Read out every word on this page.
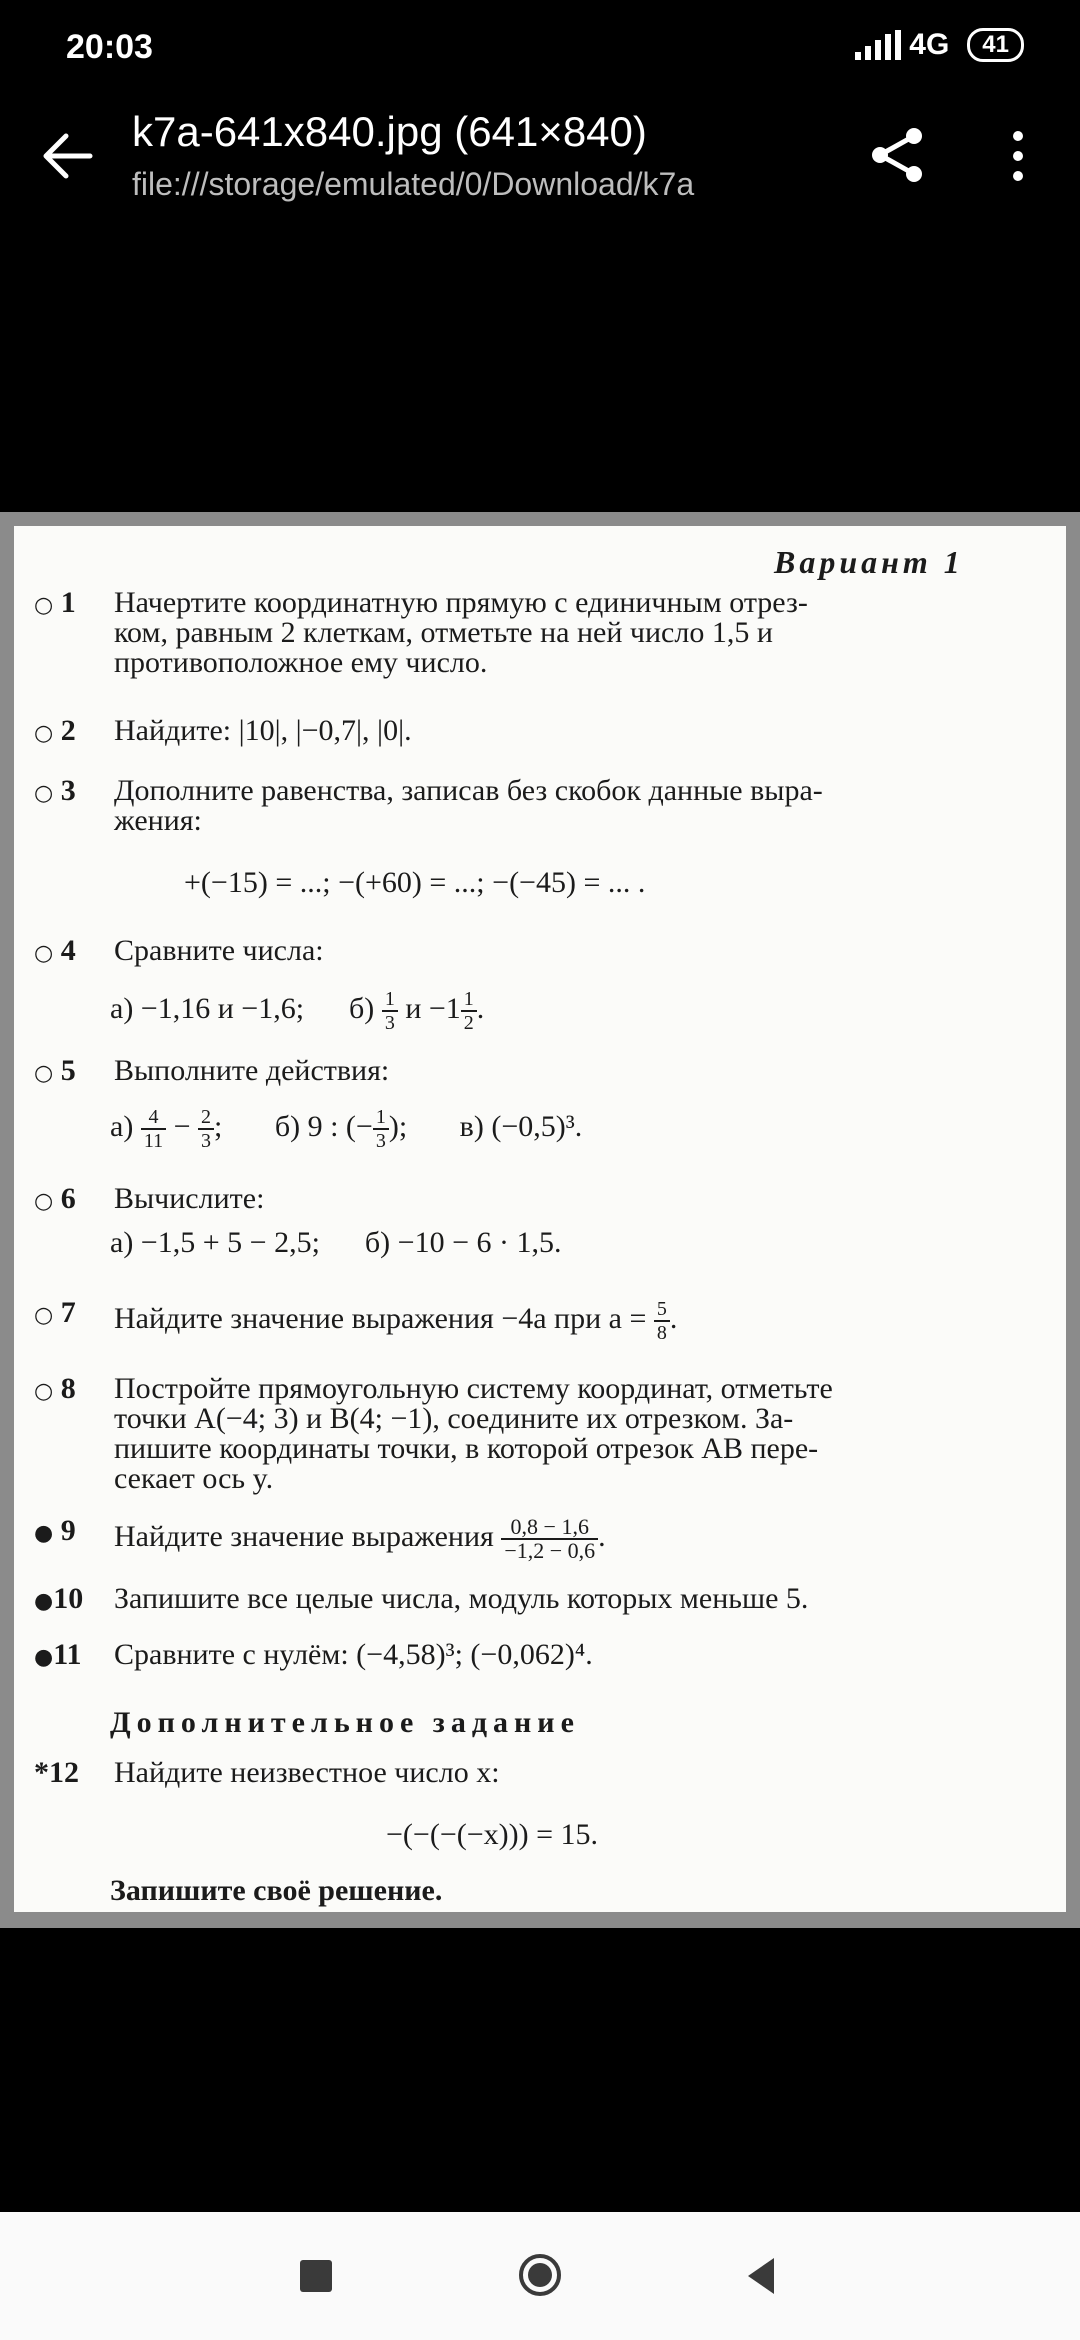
20:03	4G	41
k7a-641x840.jpg (641×840)
file:///storage/emulated/0/Download/k7a
Вариант 1
○ 1	Начертите координатную прямую с единичным отрез-
ком, равным 2 клеткам, отметьте на ней число 1,5 и
противоположное ему число.
○ 2	Найдите: |10|, |−0,7|, |0|.
○ 3	Дополните равенства, записав без скобок данные выра-
жения:
+(−15) = ...; −(+60) = ...; −(−45) = ... .
○ 4	Сравните числа:
а) −1,16 и −1,6; $б) \frac{1}{3}$ $и -1 \frac{1}{2}$ .
○ 5	Выполните действия:
$а) \frac{4}{11} - \frac{2}{3}$ ;       б) 9 : (− $\frac{1}{3}$ ); в) (−0,5)³.
○ 6	Вычислите:
а) −1,5 + 5 − 2,5; б) −10 − 6 · 1,5.
○ 7	Найдите значение выражения −4a при $a = \frac{5}{8}$ .
○ 8	Постройте прямоугольную систему координат, отметьте
точки A(−4; 3) и B(4; −1), соедините их отрезком. За-
пишите координаты точки, в которой отрезок AB пере-
секает ось y.
● 9	Найдите значение выражения $\frac{0,8 - 1,6}{-1,2 - 0,6}$ .
●10	Запишите все целые числа, модуль которых меньше 5.
●11	Сравните с нулём: (−4,58)³; (−0,062)⁴.
Дополнительное задание
*12	Найдите неизвестное число x:
−(−(−(−x))) = 15.
Запишите своё решение.
